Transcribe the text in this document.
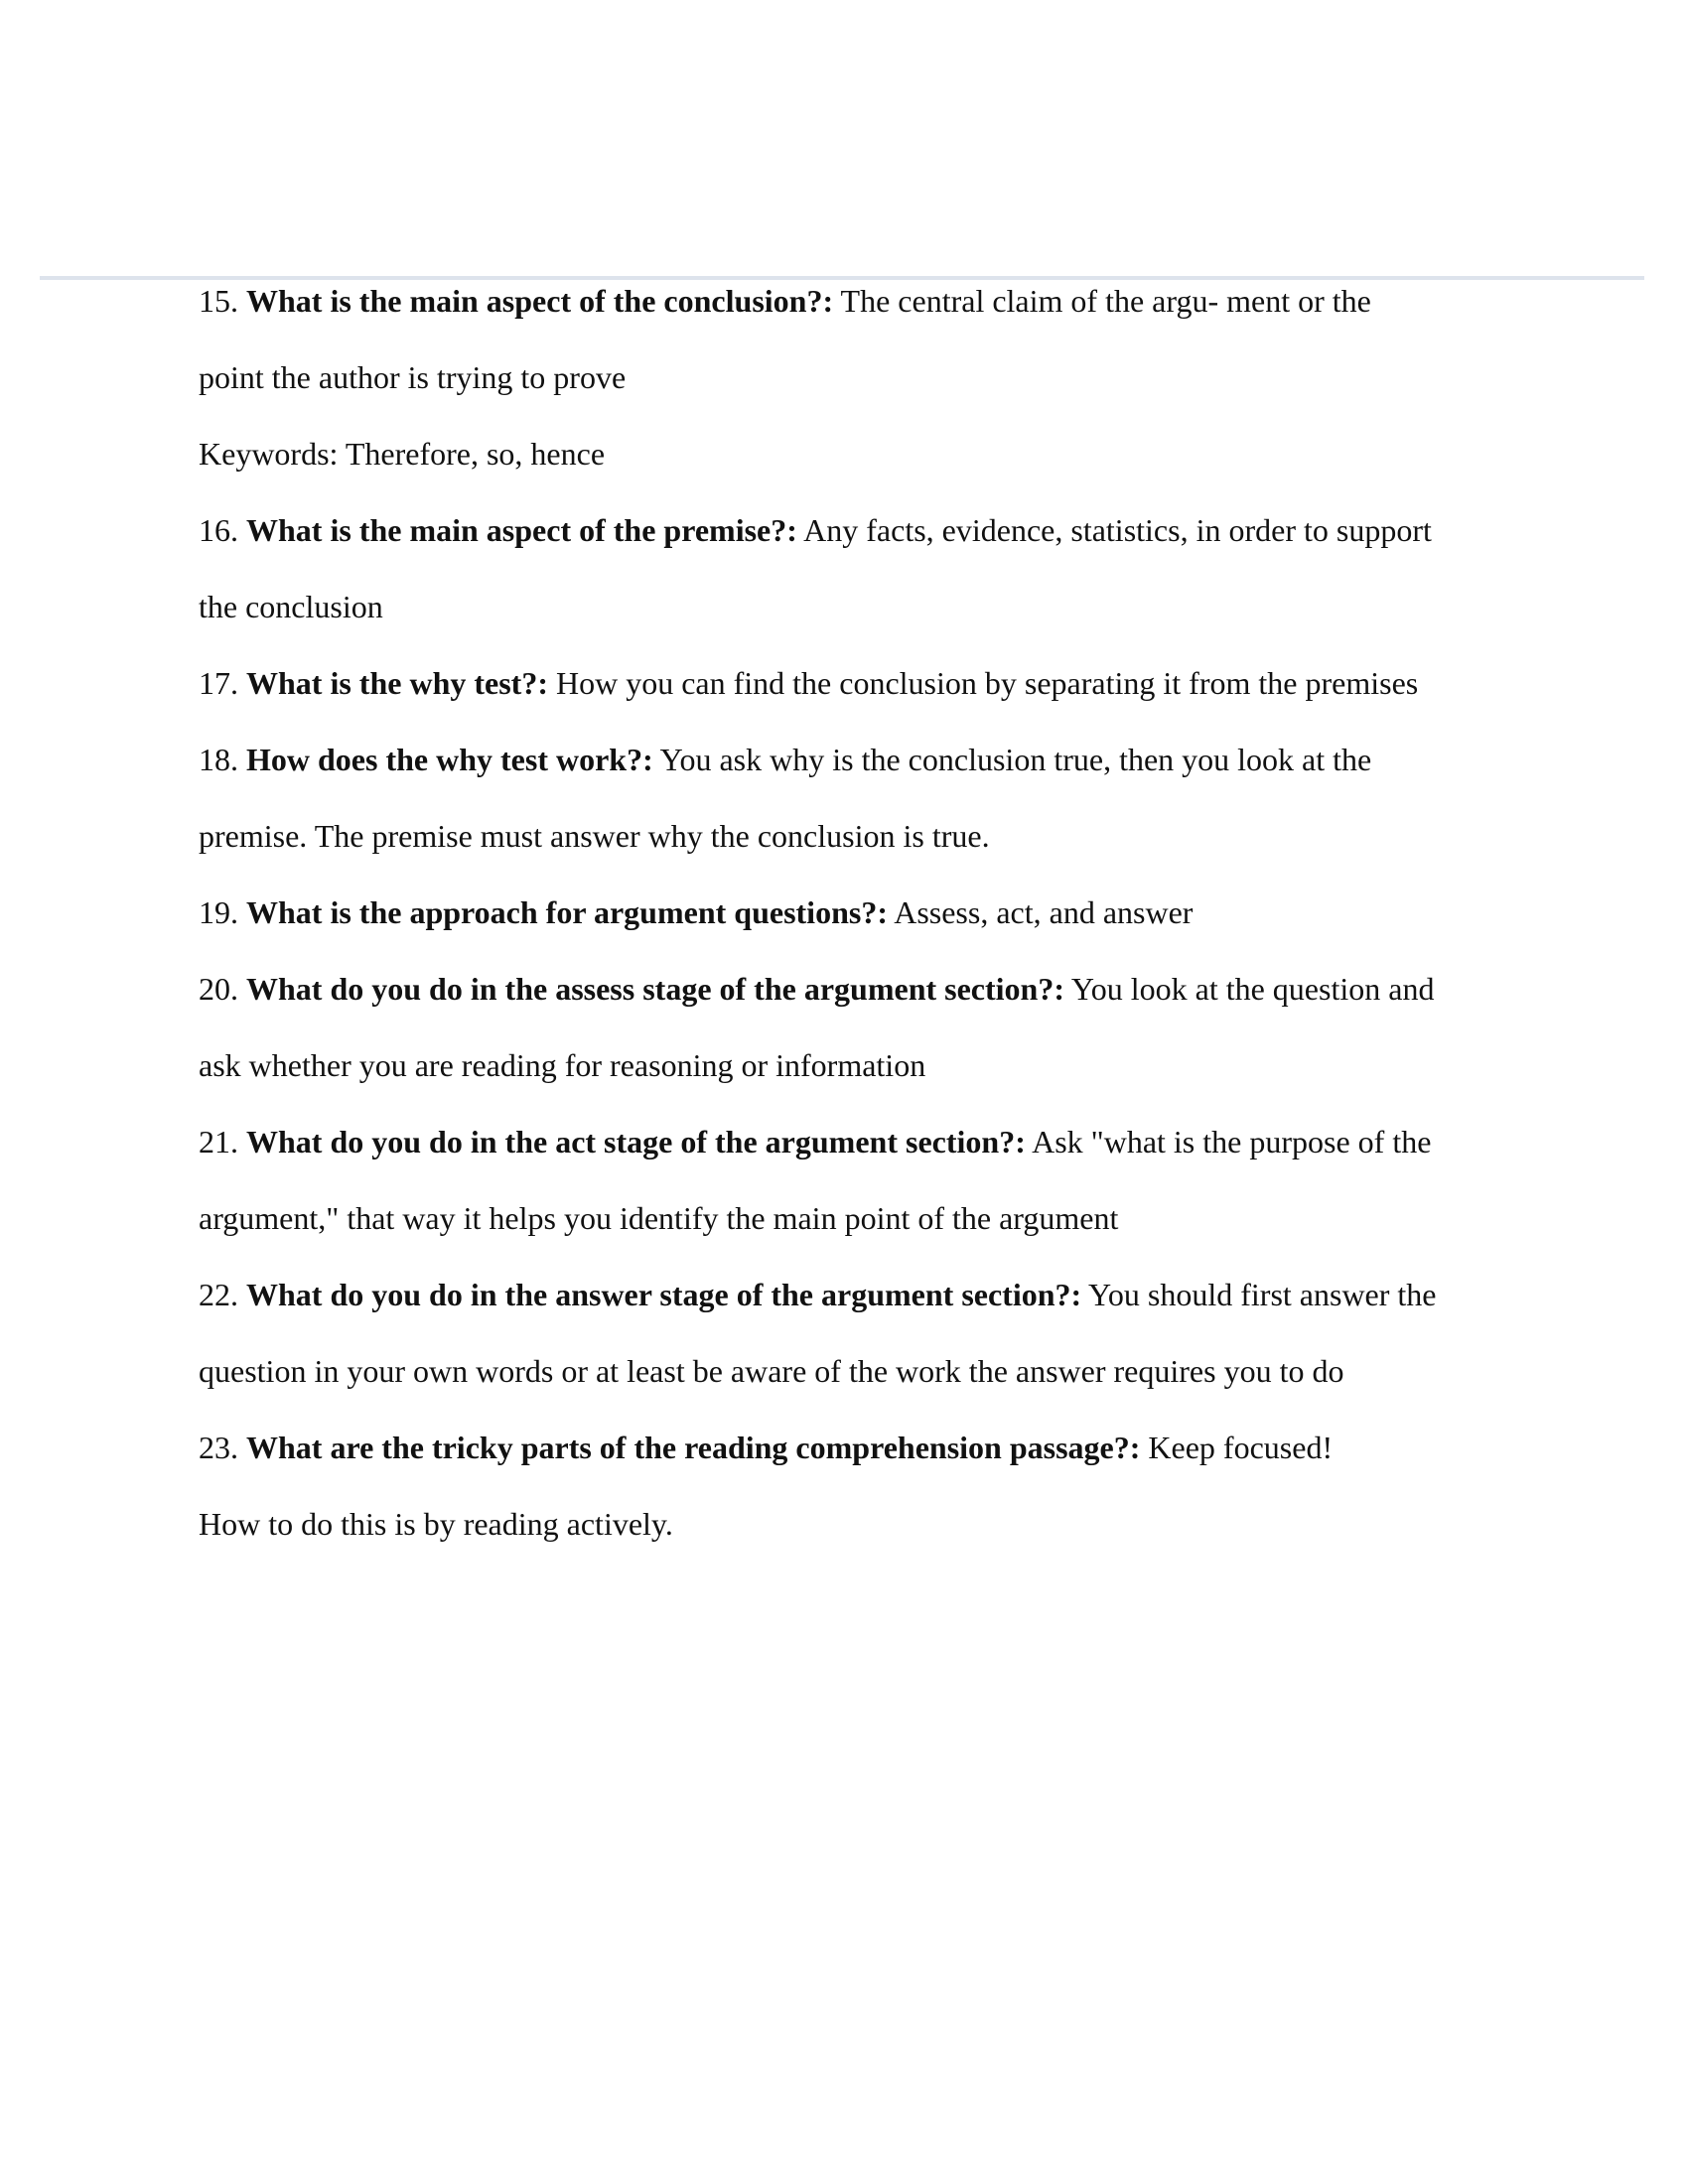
15. What is the main aspect of the conclusion?: The central claim of the argu- ment or the
point the author is trying to prove
Keywords: Therefore, so, hence
16. What is the main aspect of the premise?: Any facts, evidence, statistics, in order to support
the conclusion
17. What is the why test?: How you can find the conclusion by separating it from the premises
18. How does the why test work?: You ask why is the conclusion true, then you look at the
premise. The premise must answer why the conclusion is true.
19. What is the approach for argument questions?: Assess, act, and answer
20. What do you do in the assess stage of the argument section?: You look at the question and
ask whether you are reading for reasoning or information
21. What do you do in the act stage of the argument section?: Ask "what is the purpose of the
argument," that way it helps you identify the main point of the argument
22. What do you do in the answer stage of the argument section?: You should first answer the
question in your own words or at least be aware of the work the answer requires you to do
23. What are the tricky parts of the reading comprehension passage?: Keep focused!
How to do this is by reading actively.
